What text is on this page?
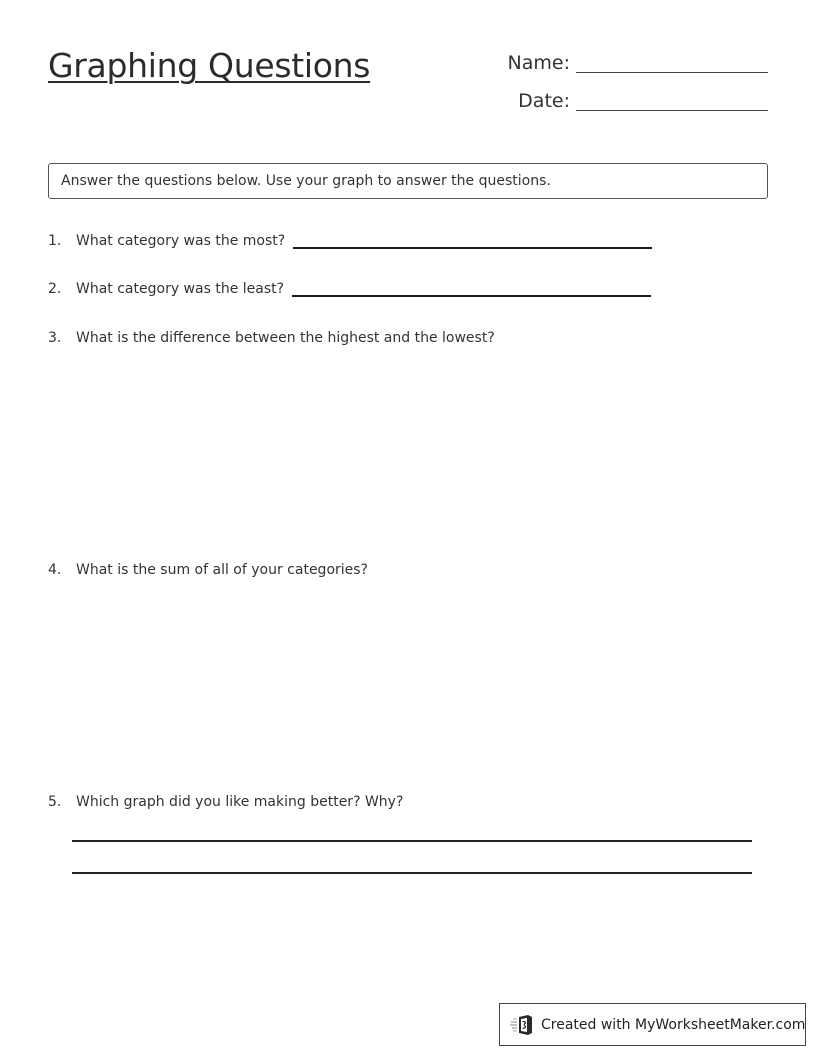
Graphing Questions	Name:
Date:
Answer the questions below. Use your graph to answer the questions.
1.	What category was the most?
2.	What category was the least?
3.	What is the difference between the highest and the lowest?
4.	What is the sum of all of your categories?
5.	Which graph did you like making better? Why?
Created with MyWorksheetMaker.com
